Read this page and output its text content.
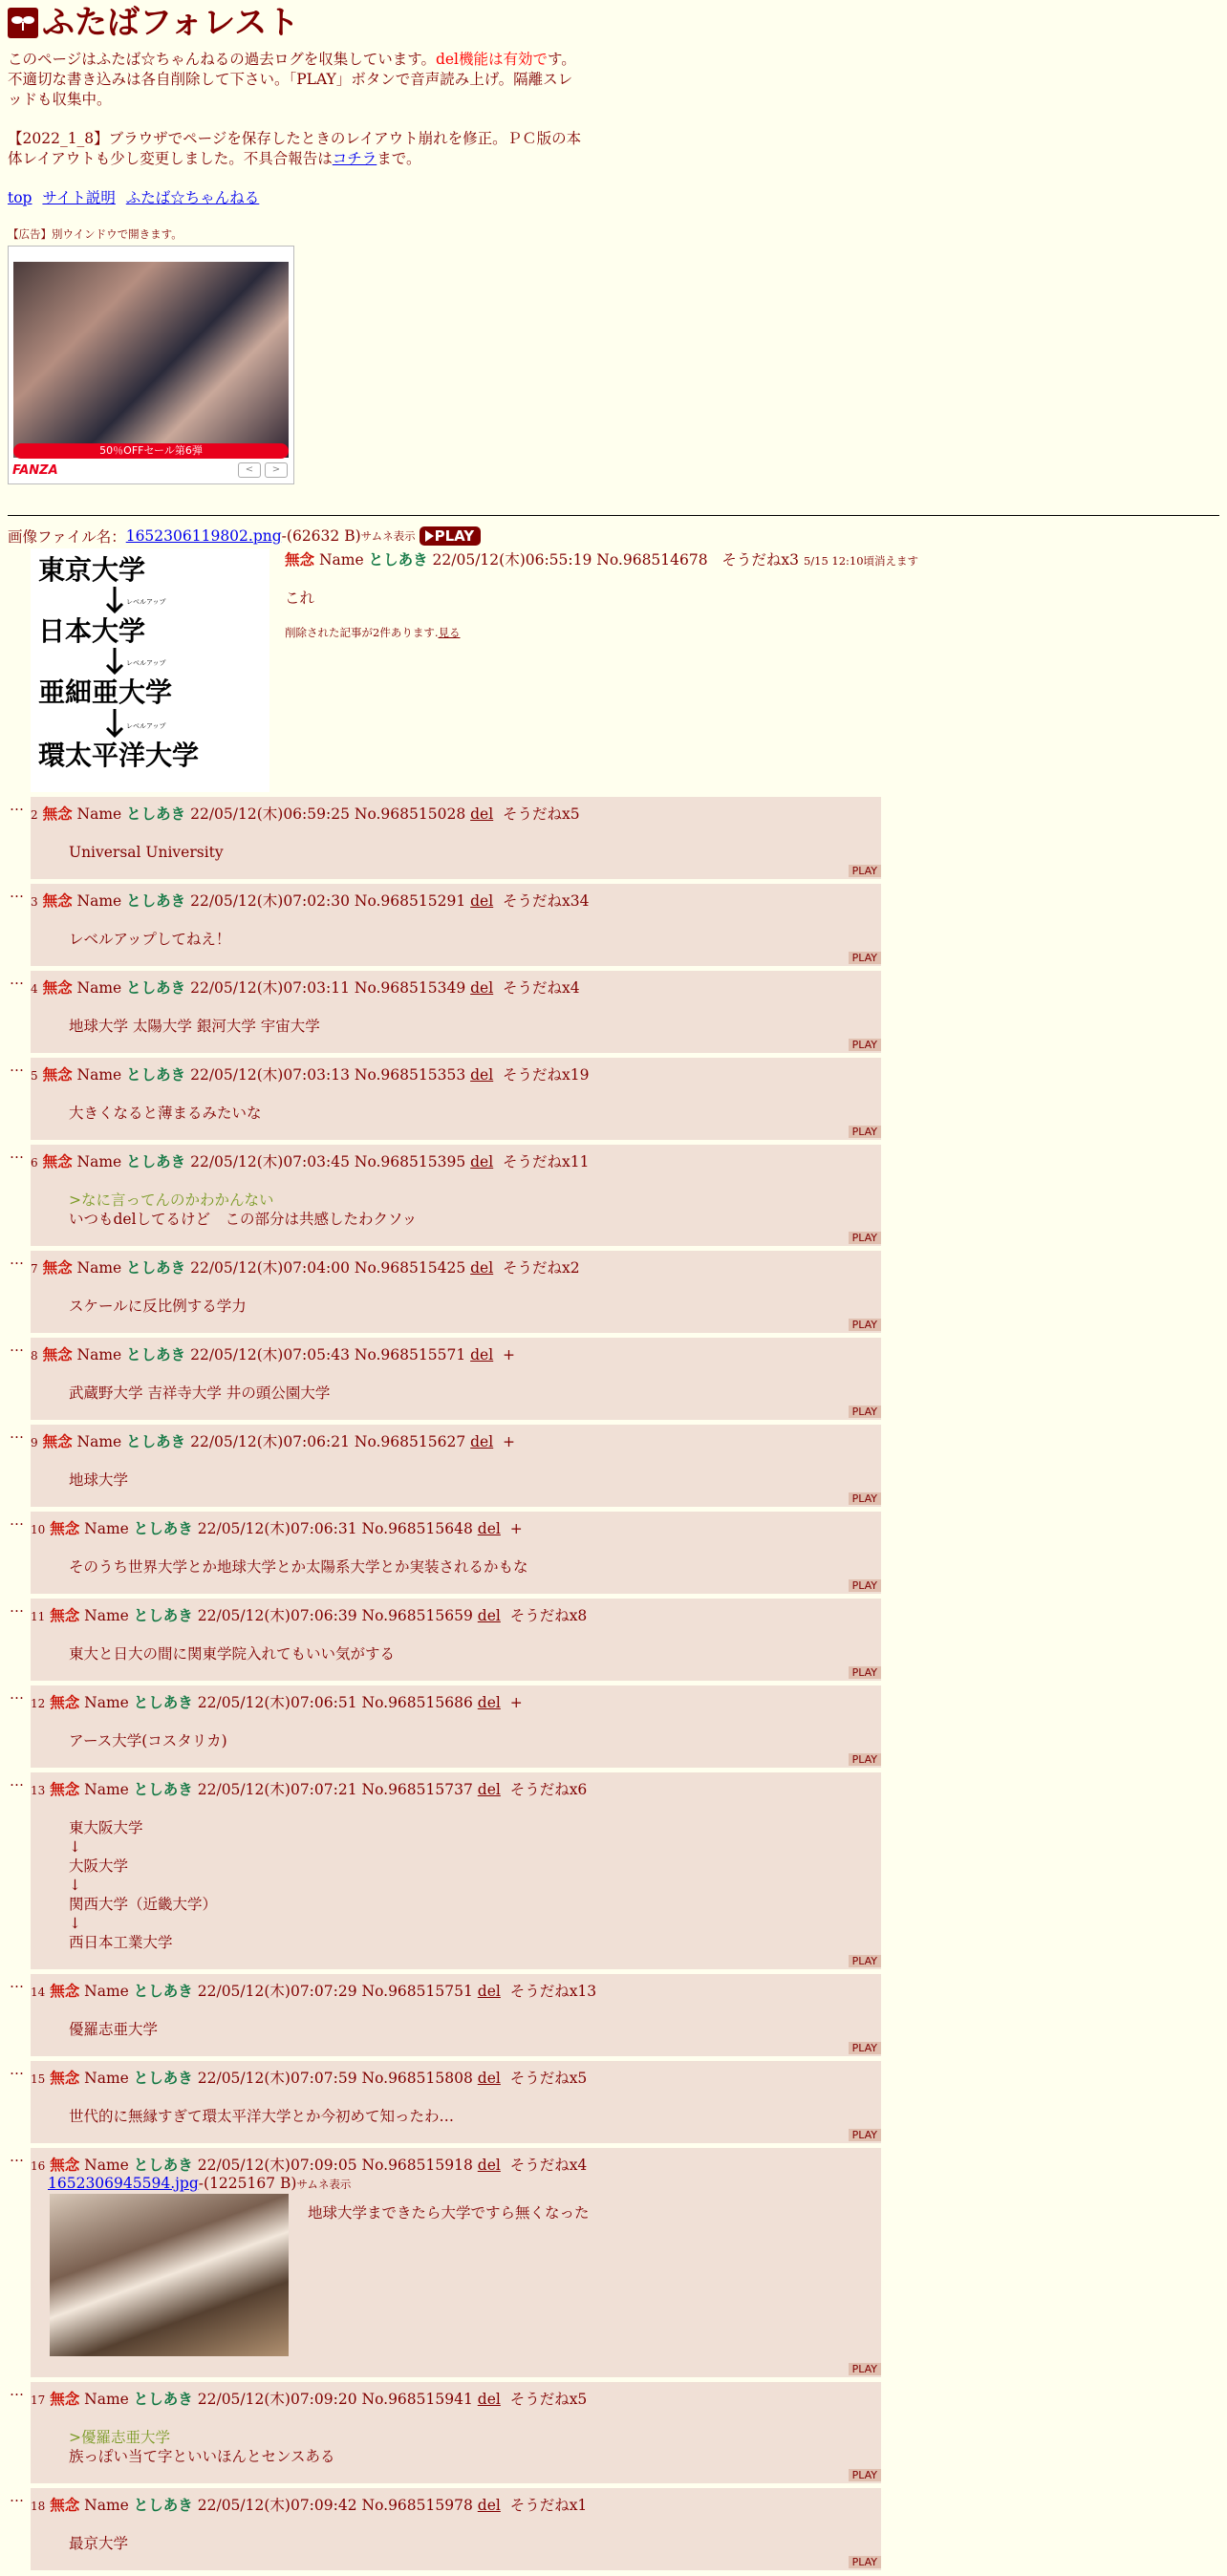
ふたばフォレスト
このページはふたば☆ちゃんねるの過去ログを収集しています。del機能は有効です。不適切な書き込みは各自削除して下さい。「PLAY」ボタンで音声読み上げ。隔離スレッドも収集中。
【2022_1_8】ブラウザでページを保存したときのレイアウト崩れを修正。ＰＣ版の本体レイアウトも少し変更しました。不具合報告はコチラまで。
top サイト説明 ふたば☆ちゃんねる
【広告】別ウインドウで開きます。
50％OFFセール第6弾
FANZA	<	>
画像ファイル名： 1652306119802.png -(62632 B) サムネ表示 PLAY
東京大学
日本大学
亜細亜大学
環太平洋大学
レベルアップ
レベルアップ
レベルアップ
無念 Name としあき 22/05/12(木)06:55:19 No.968514678 そうだねx3 5/15 12:10頃消えます
これ
削除された記事が2件あります.見る
…
2 無念 Name としあき 22/05/12(木)06:59:25 No.968515028 del そうだねx5
Universal University
PLAY
…
3 無念 Name としあき 22/05/12(木)07:02:30 No.968515291 del そうだねx34
レベルアップしてねえ！
PLAY
…
4 無念 Name としあき 22/05/12(木)07:03:11 No.968515349 del そうだねx4
地球大学 太陽大学 銀河大学 宇宙大学
PLAY
…
5 無念 Name としあき 22/05/12(木)07:03:13 No.968515353 del そうだねx19
大きくなると薄まるみたいな
PLAY
…
6 無念 Name としあき 22/05/12(木)07:03:45 No.968515395 del そうだねx11
>なに言ってんのかわかんない
いつもdelしてるけど　この部分は共感したわクソッ
PLAY
…
7 無念 Name としあき 22/05/12(木)07:04:00 No.968515425 del そうだねx2
スケールに反比例する学力
PLAY
…
8 無念 Name としあき 22/05/12(木)07:05:43 No.968515571 del +
武蔵野大学 吉祥寺大学 井の頭公園大学
PLAY
…
9 無念 Name としあき 22/05/12(木)07:06:21 No.968515627 del +
地球大学
PLAY
…
10 無念 Name としあき 22/05/12(木)07:06:31 No.968515648 del +
そのうち世界大学とか地球大学とか太陽系大学とか実装されるかもな
PLAY
…
11 無念 Name としあき 22/05/12(木)07:06:39 No.968515659 del そうだねx8
東大と日大の間に関東学院入れてもいい気がする
PLAY
…
12 無念 Name としあき 22/05/12(木)07:06:51 No.968515686 del +
アース大学(コスタリカ)
PLAY
…
13 無念 Name としあき 22/05/12(木)07:07:21 No.968515737 del そうだねx6
東大阪大学
↓
大阪大学
↓
関西大学（近畿大学）
↓
西日本工業大学
PLAY
…
14 無念 Name としあき 22/05/12(木)07:07:29 No.968515751 del そうだねx13
優羅志亜大学
PLAY
…
15 無念 Name としあき 22/05/12(木)07:07:59 No.968515808 del そうだねx5
世代的に無縁すぎて環太平洋大学とか今初めて知ったわ…
PLAY
…
16 無念 Name としあき 22/05/12(木)07:09:05 No.968515918 del そうだねx4
1652306945594.jpg-(1225167 B)サムネ表示
地球大学まできたら大学ですら無くなった
PLAY
…
17 無念 Name としあき 22/05/12(木)07:09:20 No.968515941 del そうだねx5
>優羅志亜大学
族っぽい当て字といいほんとセンスある
PLAY
…
18 無念 Name としあき 22/05/12(木)07:09:42 No.968515978 del そうだねx1
最京大学
PLAY
